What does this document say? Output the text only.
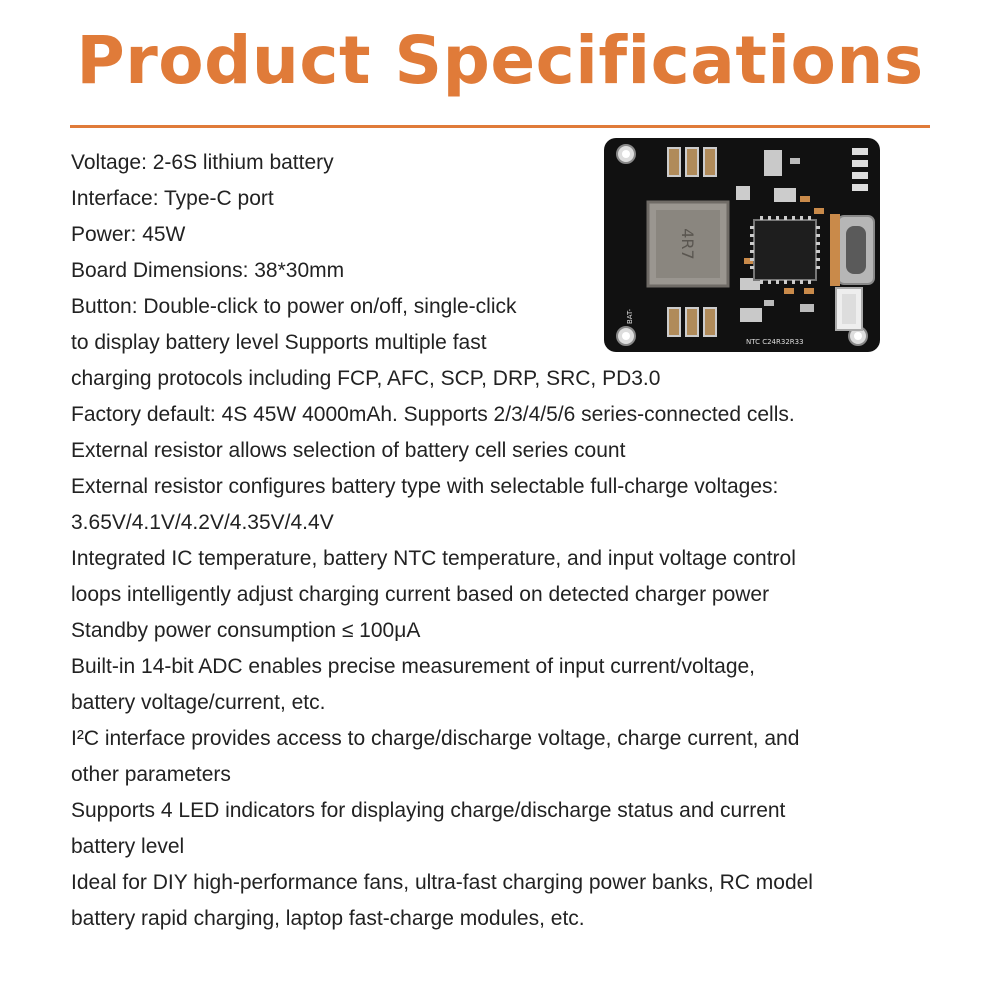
Product Specifications
Voltage: 2-6S lithium battery
Interface: Type-C port
Power: 45W
Board Dimensions: 38*30mm
Button: Double-click to power on/off, single-click
to display battery level Supports multiple fast
charging protocols including FCP, AFC, SCP, DRP, SRC, PD3.0
Factory default: 4S 45W 4000mAh. Supports 2/3/4/5/6 series-connected cells.
External resistor allows selection of battery cell series count
External resistor configures battery type with selectable full-charge voltages:
3.65V/4.1V/4.2V/4.35V/4.4V
Integrated IC temperature, battery NTC temperature, and input voltage control
loops intelligently adjust charging current based on detected charger power
Standby power consumption ≤ 100μA
Built-in 14-bit ADC enables precise measurement of input current/voltage,
battery voltage/current, etc.
I²C interface provides access to charge/discharge voltage, charge current, and
other parameters
Supports 4 LED indicators for displaying charge/discharge status and current
battery level
Ideal for DIY high-performance fans, ultra-fast charging power banks, RC model
battery rapid charging, laptop fast-charge modules, etc.
4R7
NTC C24R32R33
BAT-
